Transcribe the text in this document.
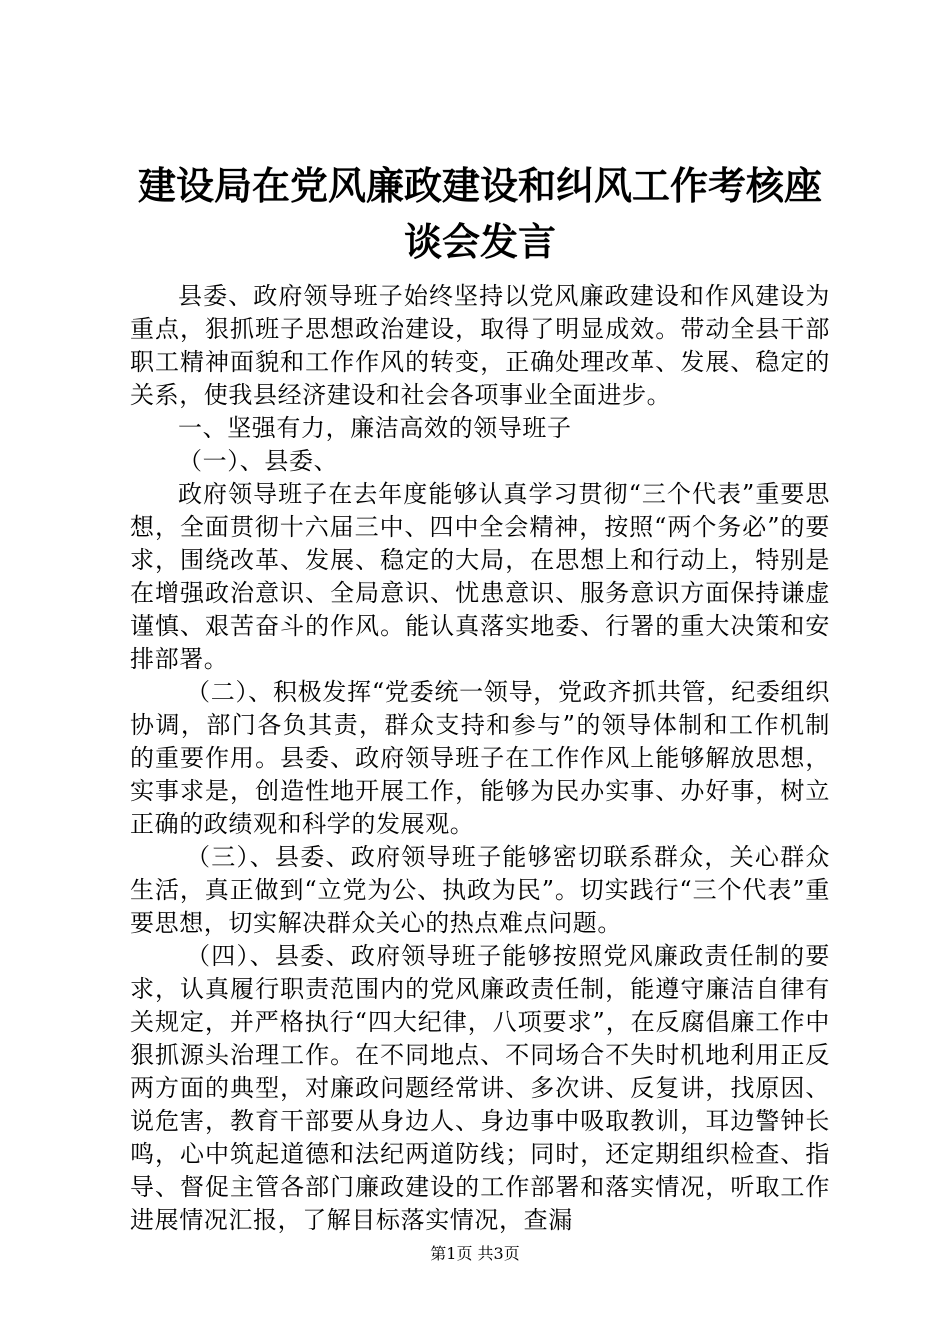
建设局在党风廉政建设和纠风工作考核座谈会发言

县委、政府领导班子始终坚持以党风廉政建设和作风建设为重点，狠抓班子思想政治建设，取得了明显成效。带动全县干部职工精神面貌和工作作风的转变，正确处理改革、发展、稳定的关系，使我县经济建设和社会各项事业全面进步。

一、坚强有力，廉洁高效的领导班子

（一）、县委、

政府领导班子在去年度能够认真学习贯彻“三个代表”重要思想，全面贯彻十六届三中、四中全会精神，按照“两个务必”的要求，围绕改革、发展、稳定的大局，在思想上和行动上，特别是在增强政治意识、全局意识、忧患意识、服务意识方面保持谦虚谨慎、艰苦奋斗的作风。能认真落实地委、行署的重大决策和安排部署。

（二）、积极发挥“党委统一领导，党政齐抓共管，纪委组织协调，部门各负其责，群众支持和参与”的领导体制和工作机制的重要作用。县委、政府领导班子在工作作风上能够解放思想，实事求是，创造性地开展工作，能够为民办实事、办好事，树立正确的政绩观和科学的发展观。

（三）、县委、政府领导班子能够密切联系群众，关心群众生活，真正做到“立党为公、执政为民”。切实践行“三个代表”重要思想，切实解决群众关心的热点难点问题。

（四）、县委、政府领导班子能够按照党风廉政责任制的要求，认真履行职责范围内的党风廉政责任制，能遵守廉洁自律有关规定，并严格执行“四大纪律，八项要求”，在反腐倡廉工作中狠抓源头治理工作。在不同地点、不同场合不失时机地利用正反两方面的典型，对廉政问题经常讲、多次讲、反复讲，找原因、说危害，教育干部要从身边人、身边事中吸取教训，耳边警钟长鸣，心中筑起道德和法纪两道防线；同时，还定期组织检查、指导、督促主管各部门廉政建设的工作部署和落实情况，听取工作进展情况汇报，了解目标落实情况，查漏

第1页 共3页
